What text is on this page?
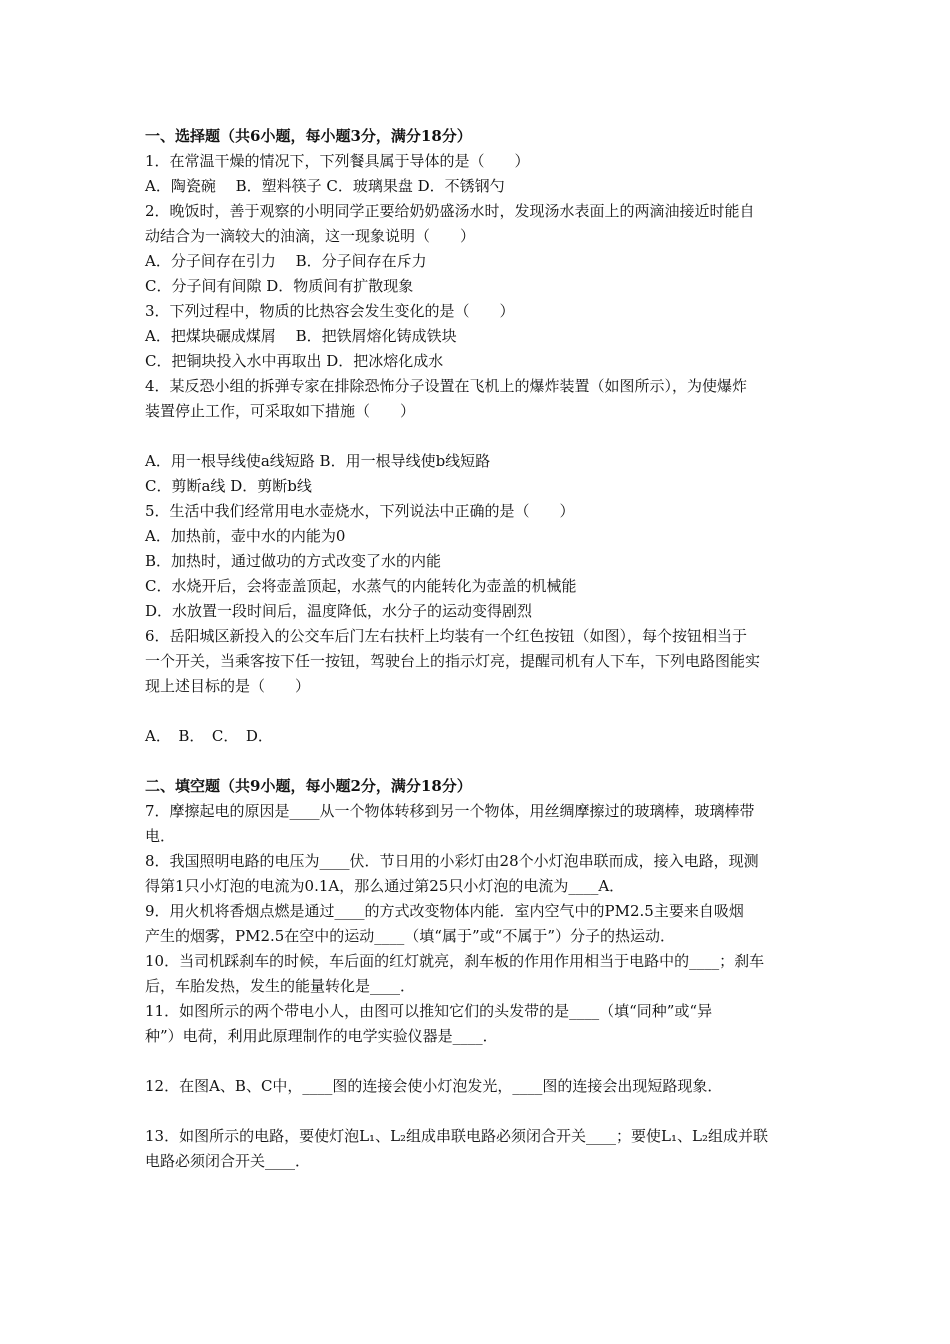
一、选择题（共6小题，每小题3分，满分18分）
1．在常温干燥的情况下，下列餐具属于导体的是（　　）
A．陶瓷碗　 B．塑料筷子 C．玻璃果盘 D．不锈钢勺
2．晚饭时，善于观察的小明同学正要给奶奶盛汤水时，发现汤水表面上的两滴油接近时能自
动结合为一滴较大的油滴，这一现象说明（　　）
A．分子间存在引力　 B．分子间存在斥力
C．分子间有间隙 D．物质间有扩散现象
3．下列过程中，物质的比热容会发生变化的是（　　）
A．把煤块碾成煤屑　 B．把铁屑熔化铸成铁块
C．把铜块投入水中再取出 D．把冰熔化成水
4．某反恐小组的拆弹专家在排除恐怖分子设置在飞机上的爆炸装置（如图所示），为使爆炸
装置停止工作，可采取如下措施（　　）
A．用一根导线使a线短路 B．用一根导线使b线短路
C．剪断a线 D．剪断b线
5．生活中我们经常用电水壶烧水，下列说法中正确的是（　　）
A．加热前，壶中水的内能为0
B．加热时，通过做功的方式改变了水的内能
C．水烧开后，会将壶盖顶起，水蒸气的内能转化为壶盖的机械能
D．水放置一段时间后，温度降低，水分子的运动变得剧烈
6．岳阳城区新投入的公交车后门左右扶杆上均装有一个红色按钮（如图），每个按钮相当于
一个开关，当乘客按下任一按钮，驾驶台上的指示灯亮，提醒司机有人下车，下列电路图能实
现上述目标的是（　　）
A．　B．　C．　D．
二、填空题（共9小题，每小题2分，满分18分）
7．摩擦起电的原因是____从一个物体转移到另一个物体，用丝绸摩擦过的玻璃棒，玻璃棒带
电．
8．我国照明电路的电压为____伏．节日用的小彩灯由28个小灯泡串联而成，接入电路，现测
得第1只小灯泡的电流为0.1A，那么通过第25只小灯泡的电流为____A．
9．用火机将香烟点燃是通过____的方式改变物体内能．室内空气中的PM2.5主要来自吸烟
产生的烟雾，PM2.5在空中的运动____（填“属于”或“不属于”）分子的热运动．
10．当司机踩刹车的时候，车后面的红灯就亮，刹车板的作用作用相当于电路中的____；刹车
后，车胎发热，发生的能量转化是____．
11．如图所示的两个带电小人，由图可以推知它们的头发带的是____（填“同种”或“异
种”）电荷，利用此原理制作的电学实验仪器是____．
12．在图A、B、C中，____图的连接会使小灯泡发光，____图的连接会出现短路现象．
13．如图所示的电路，要使灯泡L₁、L₂组成串联电路必须闭合开关____；要使L₁、L₂组成并联
电路必须闭合开关____．
